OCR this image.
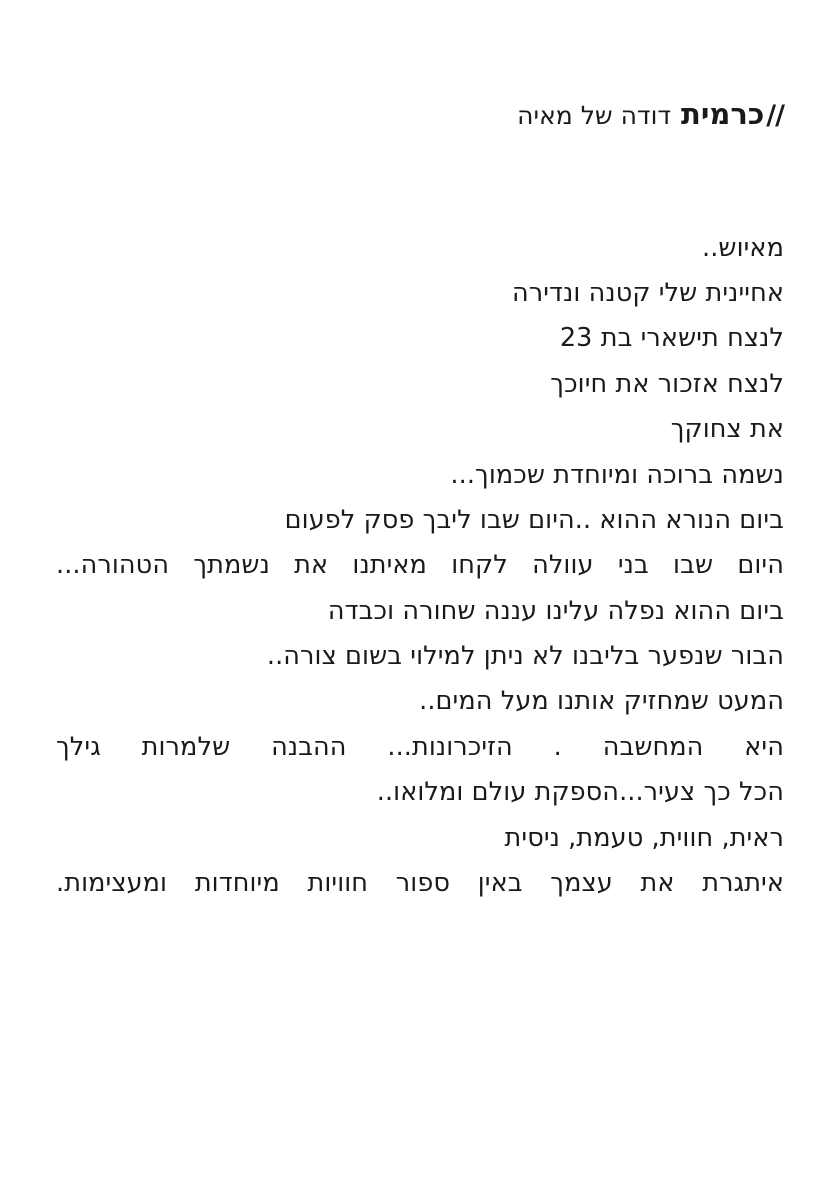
//כרמיתדודה של מאיה

מאיוש..

אחיינית שלי קטנה ונדירה

לנצח תישארי בת 23

לנצח אזכור את חיוכך

את צחוקך

נשמה ברוכה ומיוחדת שכמוך...

ביום הנורא ההוא ..היום שבו ליבך פסק לפעום

היום שבו בני עוולה לקחו מאיתנו את נשמתך הטהורה...

ביום ההוא נפלה עלינו עננה שחורה וכבדה

הבור שנפער בליבנו לא ניתן למילוי בשום צורה..

המעט שמחזיק אותנו מעל המים..

היא המחשבה . הזיכרונות... ההבנה שלמרות גילך

הכל כך צעיר...הספקת עולם ומלואו..

ראית, חווית, טעמת, ניסית

איתגרת את עצמך באין ספור חוויות מיוחדות ומעצימות.
